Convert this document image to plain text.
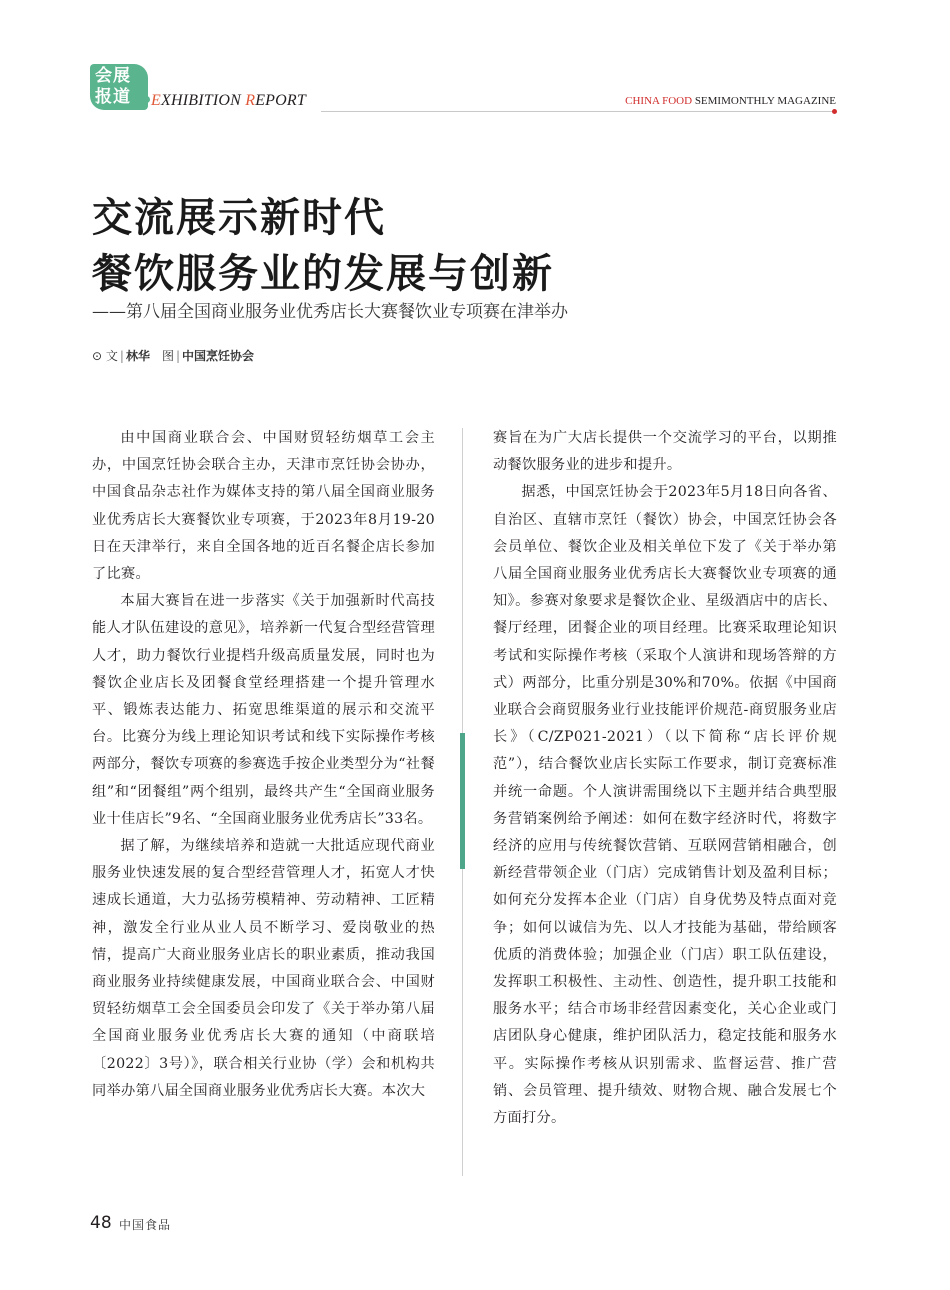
会展
报道 EXHIBITION REPORT	CHINA FOOD SEMIMONTHLY MAGAZINE
交流展示新时代
餐饮服务业的发展与创新
——第八届全国商业服务业优秀店长大赛餐饮业专项赛在津举办
⊙ 文 | 林华 图 | 中国烹饪协会

由中国商业联合会、中国财贸轻纺烟草工会主办，中国烹饪协会联合主办，天津市烹饪协会协办，中国食品杂志社作为媒体支持的第八届全国商业服务业优秀店长大赛餐饮业专项赛，于2023年8月19-20日在天津举行，来自全国各地的近百名餐企店长参加了比赛。

本届大赛旨在进一步落实《关于加强新时代高技能人才队伍建设的意见》，培养新一代复合型经营管理人才，助力餐饮行业提档升级高质量发展，同时也为餐饮企业店长及团餐食堂经理搭建一个提升管理水平、锻炼表达能力、拓宽思维渠道的展示和交流平台。比赛分为线上理论知识考试和线下实际操作考核两部分，餐饮专项赛的参赛选手按企业类型分为“社餐组”和“团餐组”两个组别，最终共产生“全国商业服务业十佳店长”9名、“全国商业服务业优秀店长”33名。

据了解，为继续培养和造就一大批适应现代商业服务业快速发展的复合型经营管理人才，拓宽人才快速成长通道，大力弘扬劳模精神、劳动精神、工匠精神，激发全行业从业人员不断学习、爱岗敬业的热情，提高广大商业服务业店长的职业素质，推动我国商业服务业持续健康发展，中国商业联合会、中国财贸轻纺烟草工会全国委员会印发了《关于举办第八届全国商业服务业优秀店长大赛的通知（中商联培〔2022〕3号）》，联合相关行业协（学）会和机构共同举办第八届全国商业服务业优秀店长大赛。本次大

赛旨在为广大店长提供一个交流学习的平台，以期推动餐饮服务业的进步和提升。

据悉，中国烹饪协会于2023年5月18日向各省、自治区、直辖市烹饪（餐饮）协会，中国烹饪协会各会员单位、餐饮企业及相关单位下发了《关于举办第八届全国商业服务业优秀店长大赛餐饮业专项赛的通知》。参赛对象要求是餐饮企业、星级酒店中的店长、餐厅经理，团餐企业的项目经理。比赛采取理论知识考试和实际操作考核（采取个人演讲和现场答辩的方式）两部分，比重分别是30%和70%。依据《中国商业联合会商贸服务业行业技能评价规范-商贸服务业店长》（C/ZP021-2021）（以下简称“店长评价规范”），结合餐饮业店长实际工作要求，制订竞赛标准并统一命题。个人演讲需围绕以下主题并结合典型服务营销案例给予阐述：如何在数字经济时代，将数字经济的应用与传统餐饮营销、互联网营销相融合，创新经营带领企业（门店）完成销售计划及盈利目标；如何充分发挥本企业（门店）自身优势及特点面对竞争；如何以诚信为先、以人才技能为基础，带给顾客优质的消费体验；加强企业（门店）职工队伍建设，发挥职工积极性、主动性、创造性，提升职工技能和服务水平；结合市场非经营因素变化，关心企业或门店团队身心健康，维护团队活力，稳定技能和服务水平。实际操作考核从识别需求、监督运营、推广营销、会员管理、提升绩效、财物合规、融合发展七个方面打分。

48 中国食品
